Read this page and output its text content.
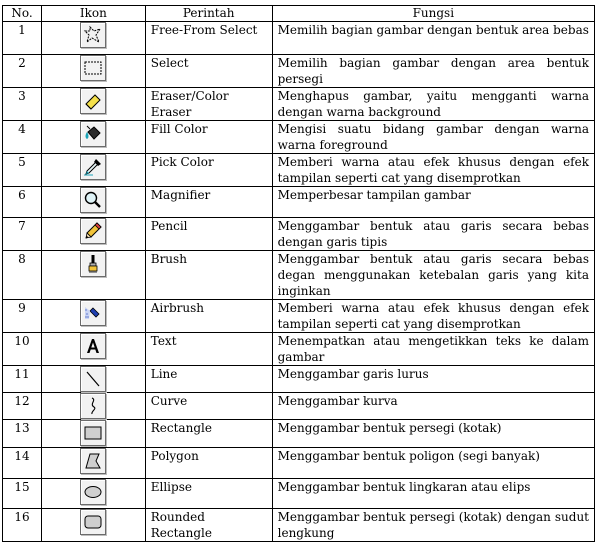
No.	Ikon	Perintah	Fungsi
1		Free-From Select	Memilih bagian gambar dengan bentuk area bebas
2		Select	Memilih bagian gambar dengan area bentuk persegi
3		Eraser/Color Eraser	Menghapus gambar, yaitu mengganti warna dengan warna background
4		Fill Color	Mengisi suatu bidang gambar dengan warna warna foreground
5		Pick Color	Memberi warna atau efek khusus dengan efek tampilan seperti cat yang disemprotkan
6		Magnifier	Memperbesar tampilan gambar
7		Pencil	Menggambar bentuk atau garis secara bebas dengan garis tipis
8		Brush	Menggambar bentuk atau garis secara bebas degan menggunakan ketebalan garis yang kita inginkan
9		Airbrush	Memberi warna atau efek khusus dengan efek tampilan seperti cat yang disemprotkan
10		Text	Menempatkan atau mengetikkan teks ke dalam gambar
11		Line	Menggambar garis lurus
12		Curve	Menggambar kurva
13		Rectangle	Menggambar bentuk persegi (kotak)
14		Polygon	Menggambar bentuk poligon (segi banyak)
15		Ellipse	Menggambar bentuk lingkaran atau elips
16		Rounded Rectangle	Menggambar bentuk persegi (kotak) dengan sudut lengkung
